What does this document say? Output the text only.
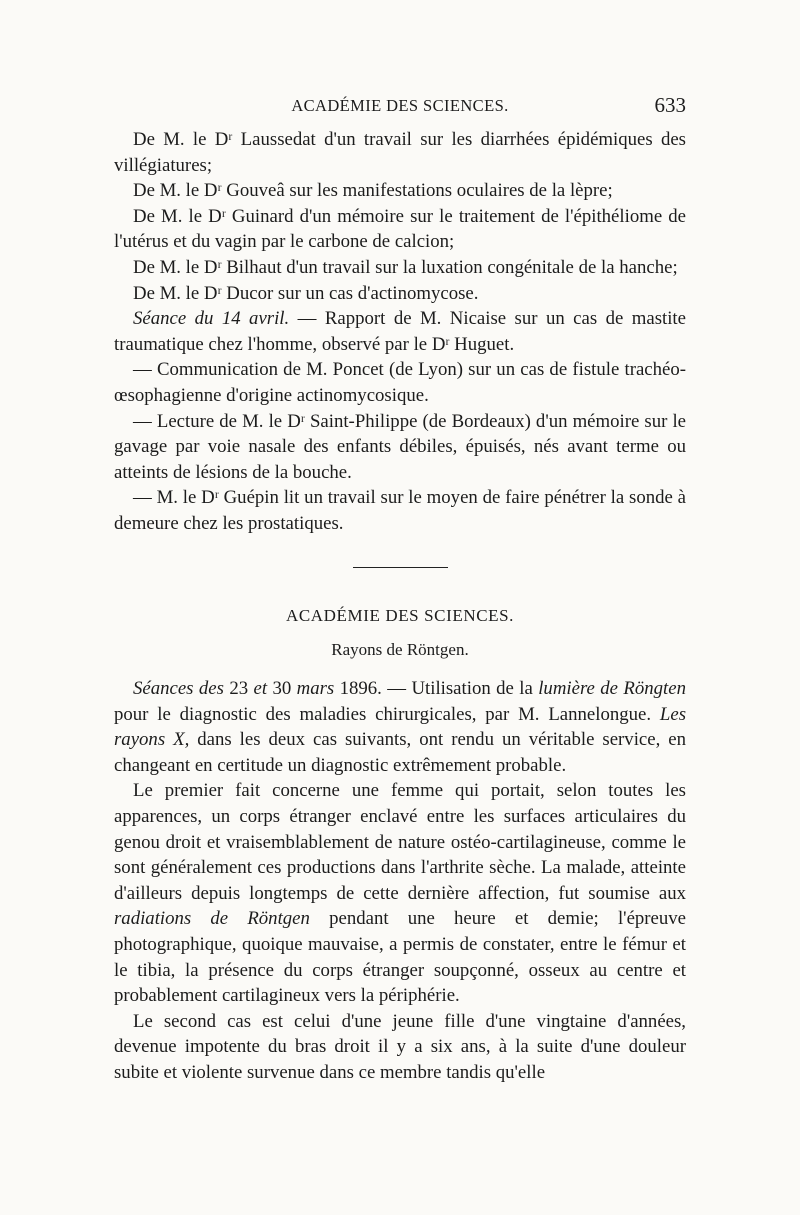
ACADÉMIE DES SCIENCES.	633

De M. le Dʳ Laussedat d'un travail sur les diarrhées épidémiques des villégiatures;

De M. le Dʳ Gouveâ sur les manifestations oculaires de la lèpre;

De M. le Dʳ Guinard d'un mémoire sur le traitement de l'épithéliome de l'utérus et du vagin par le carbone de calcion;

De M. le Dʳ Bilhaut d'un travail sur la luxation congénitale de la hanche;

De M. le Dʳ Ducor sur un cas d'actinomycose.

Séance du 14 avril. — Rapport de M. Nicaise sur un cas de mastite traumatique chez l'homme, observé par le Dʳ Huguet.

— Communication de M. Poncet (de Lyon) sur un cas de fistule trachéo-œsophagienne d'origine actinomycosique.

— Lecture de M. le Dʳ Saint-Philippe (de Bordeaux) d'un mémoire sur le gavage par voie nasale des enfants débiles, épuisés, nés avant terme ou atteints de lésions de la bouche.

— M. le Dʳ Guépin lit un travail sur le moyen de faire pénétrer la sonde à demeure chez les prostatiques.

ACADÉMIE DES SCIENCES.
Rayons de Röntgen.

Séances des 23 et 30 mars 1896. — Utilisation de la lumière de Röngten pour le diagnostic des maladies chirurgicales, par M. Lannelongue. Les rayons X, dans les deux cas suivants, ont rendu un véritable service, en changeant en certitude un diagnostic extrêmement probable.

Le premier fait concerne une femme qui portait, selon toutes les apparences, un corps étranger enclavé entre les surfaces articulaires du genou droit et vraisemblablement de nature ostéo-cartilagineuse, comme le sont généralement ces productions dans l'arthrite sèche. La malade, atteinte d'ailleurs depuis longtemps de cette dernière affection, fut soumise aux radiations de Röntgen pendant une heure et demie; l'épreuve photographique, quoique mauvaise, a permis de constater, entre le fémur et le tibia, la présence du corps étranger soupçonné, osseux au centre et probablement cartilagineux vers la périphérie.

Le second cas est celui d'une jeune fille d'une vingtaine d'années, devenue impotente du bras droit il y a six ans, à la suite d'une douleur subite et violente survenue dans ce membre tandis qu'elle
